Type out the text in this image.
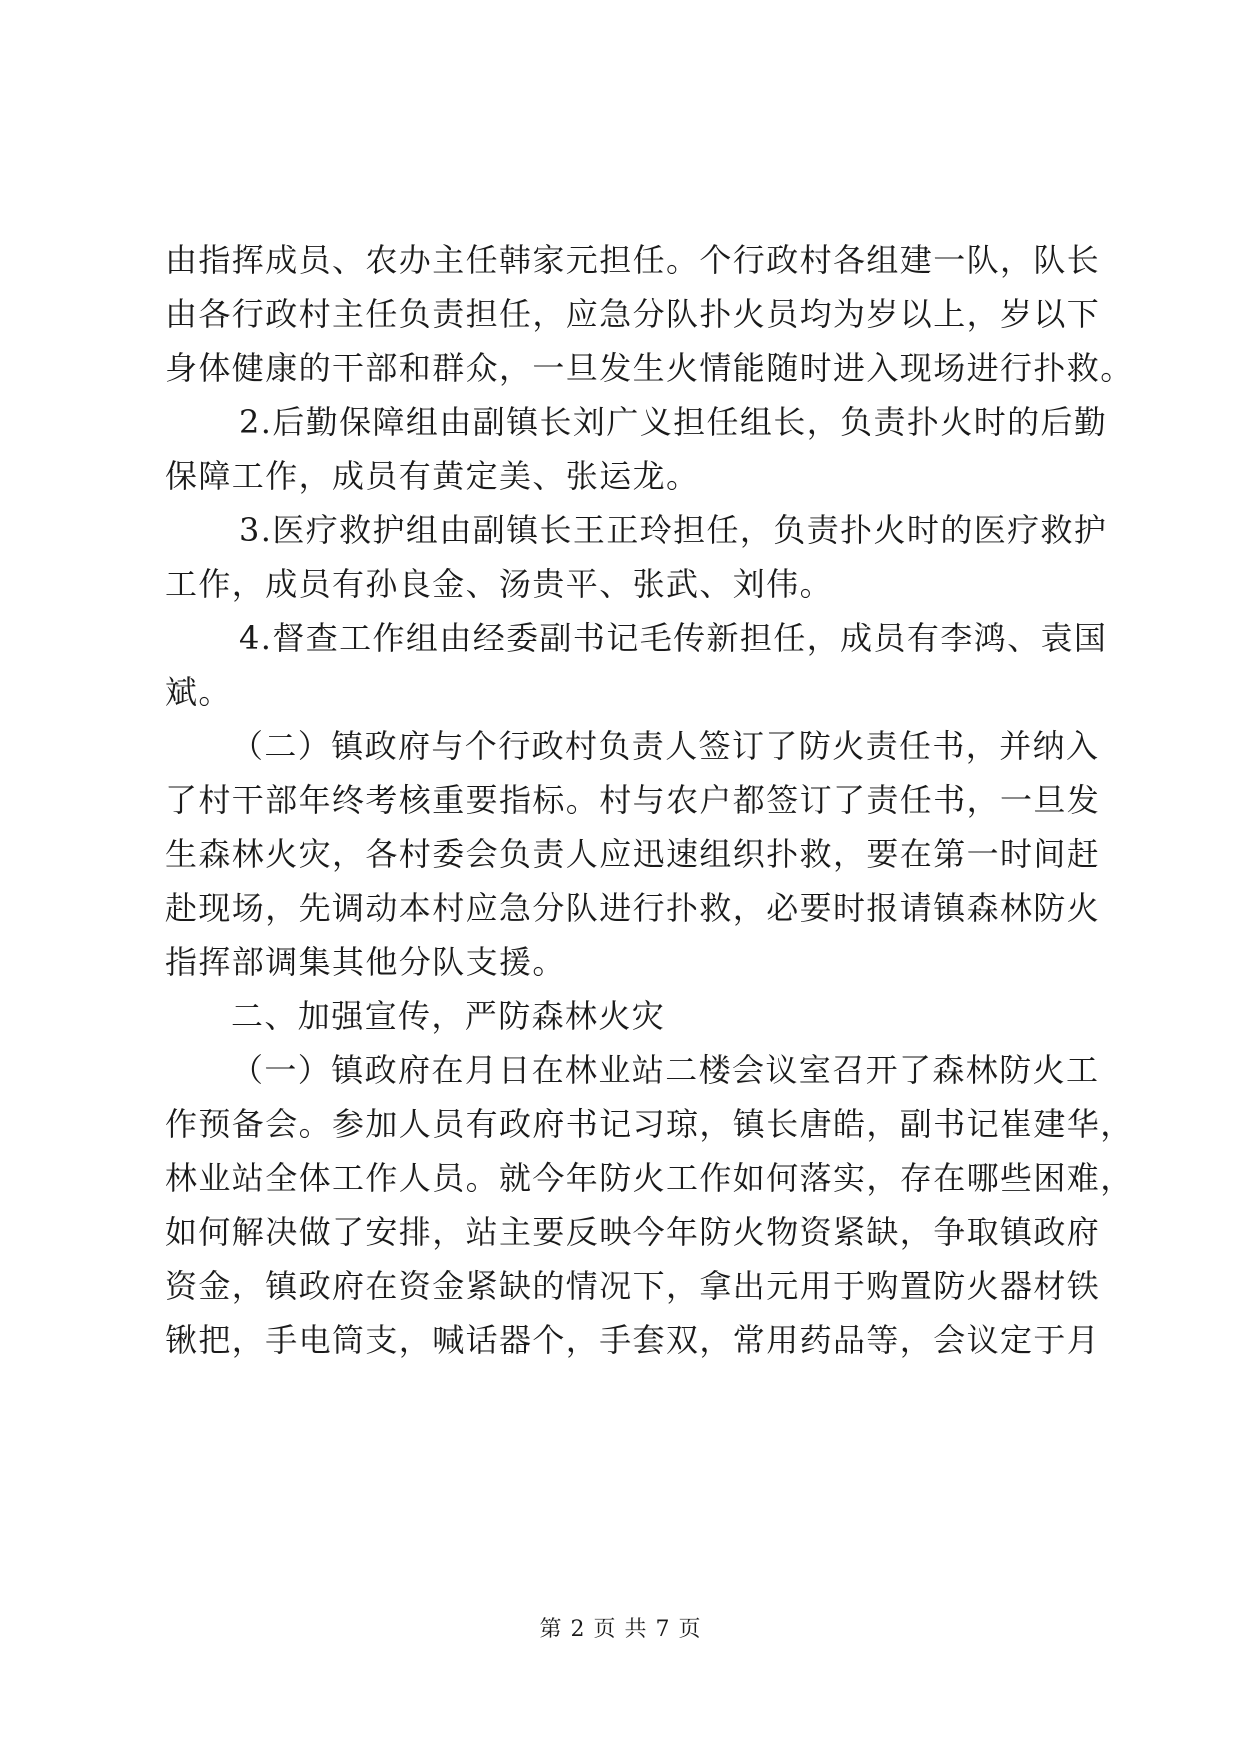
由指挥成员、农办主任韩家元担任。个行政村各组建一队，队长
由各行政村主任负责担任，应急分队扑火员均为岁以上，岁以下
身体健康的干部和群众，一旦发生火情能随时进入现场进行扑救。
2.后勤保障组由副镇长刘广义担任组长，负责扑火时的后勤
保障工作，成员有黄定美、张运龙。
3.医疗救护组由副镇长王正玲担任，负责扑火时的医疗救护
工作，成员有孙良金、汤贵平、张武、刘伟。
4.督查工作组由经委副书记毛传新担任，成员有李鸿、袁国
斌。
（二）镇政府与个行政村负责人签订了防火责任书，并纳入
了村干部年终考核重要指标。村与农户都签订了责任书，一旦发
生森林火灾，各村委会负责人应迅速组织扑救，要在第一时间赶
赴现场，先调动本村应急分队进行扑救，必要时报请镇森林防火
指挥部调集其他分队支援。
二、加强宣传，严防森林火灾
（一）镇政府在月日在林业站二楼会议室召开了森林防火工
作预备会。参加人员有政府书记习琼，镇长唐皓，副书记崔建华，
林业站全体工作人员。就今年防火工作如何落实，存在哪些困难，
如何解决做了安排，站主要反映今年防火物资紧缺，争取镇政府
资金，镇政府在资金紧缺的情况下，拿出元用于购置防火器材铁
锹把，手电筒支，喊话器个，手套双，常用药品等，会议定于月
第 2 页 共 7 页
